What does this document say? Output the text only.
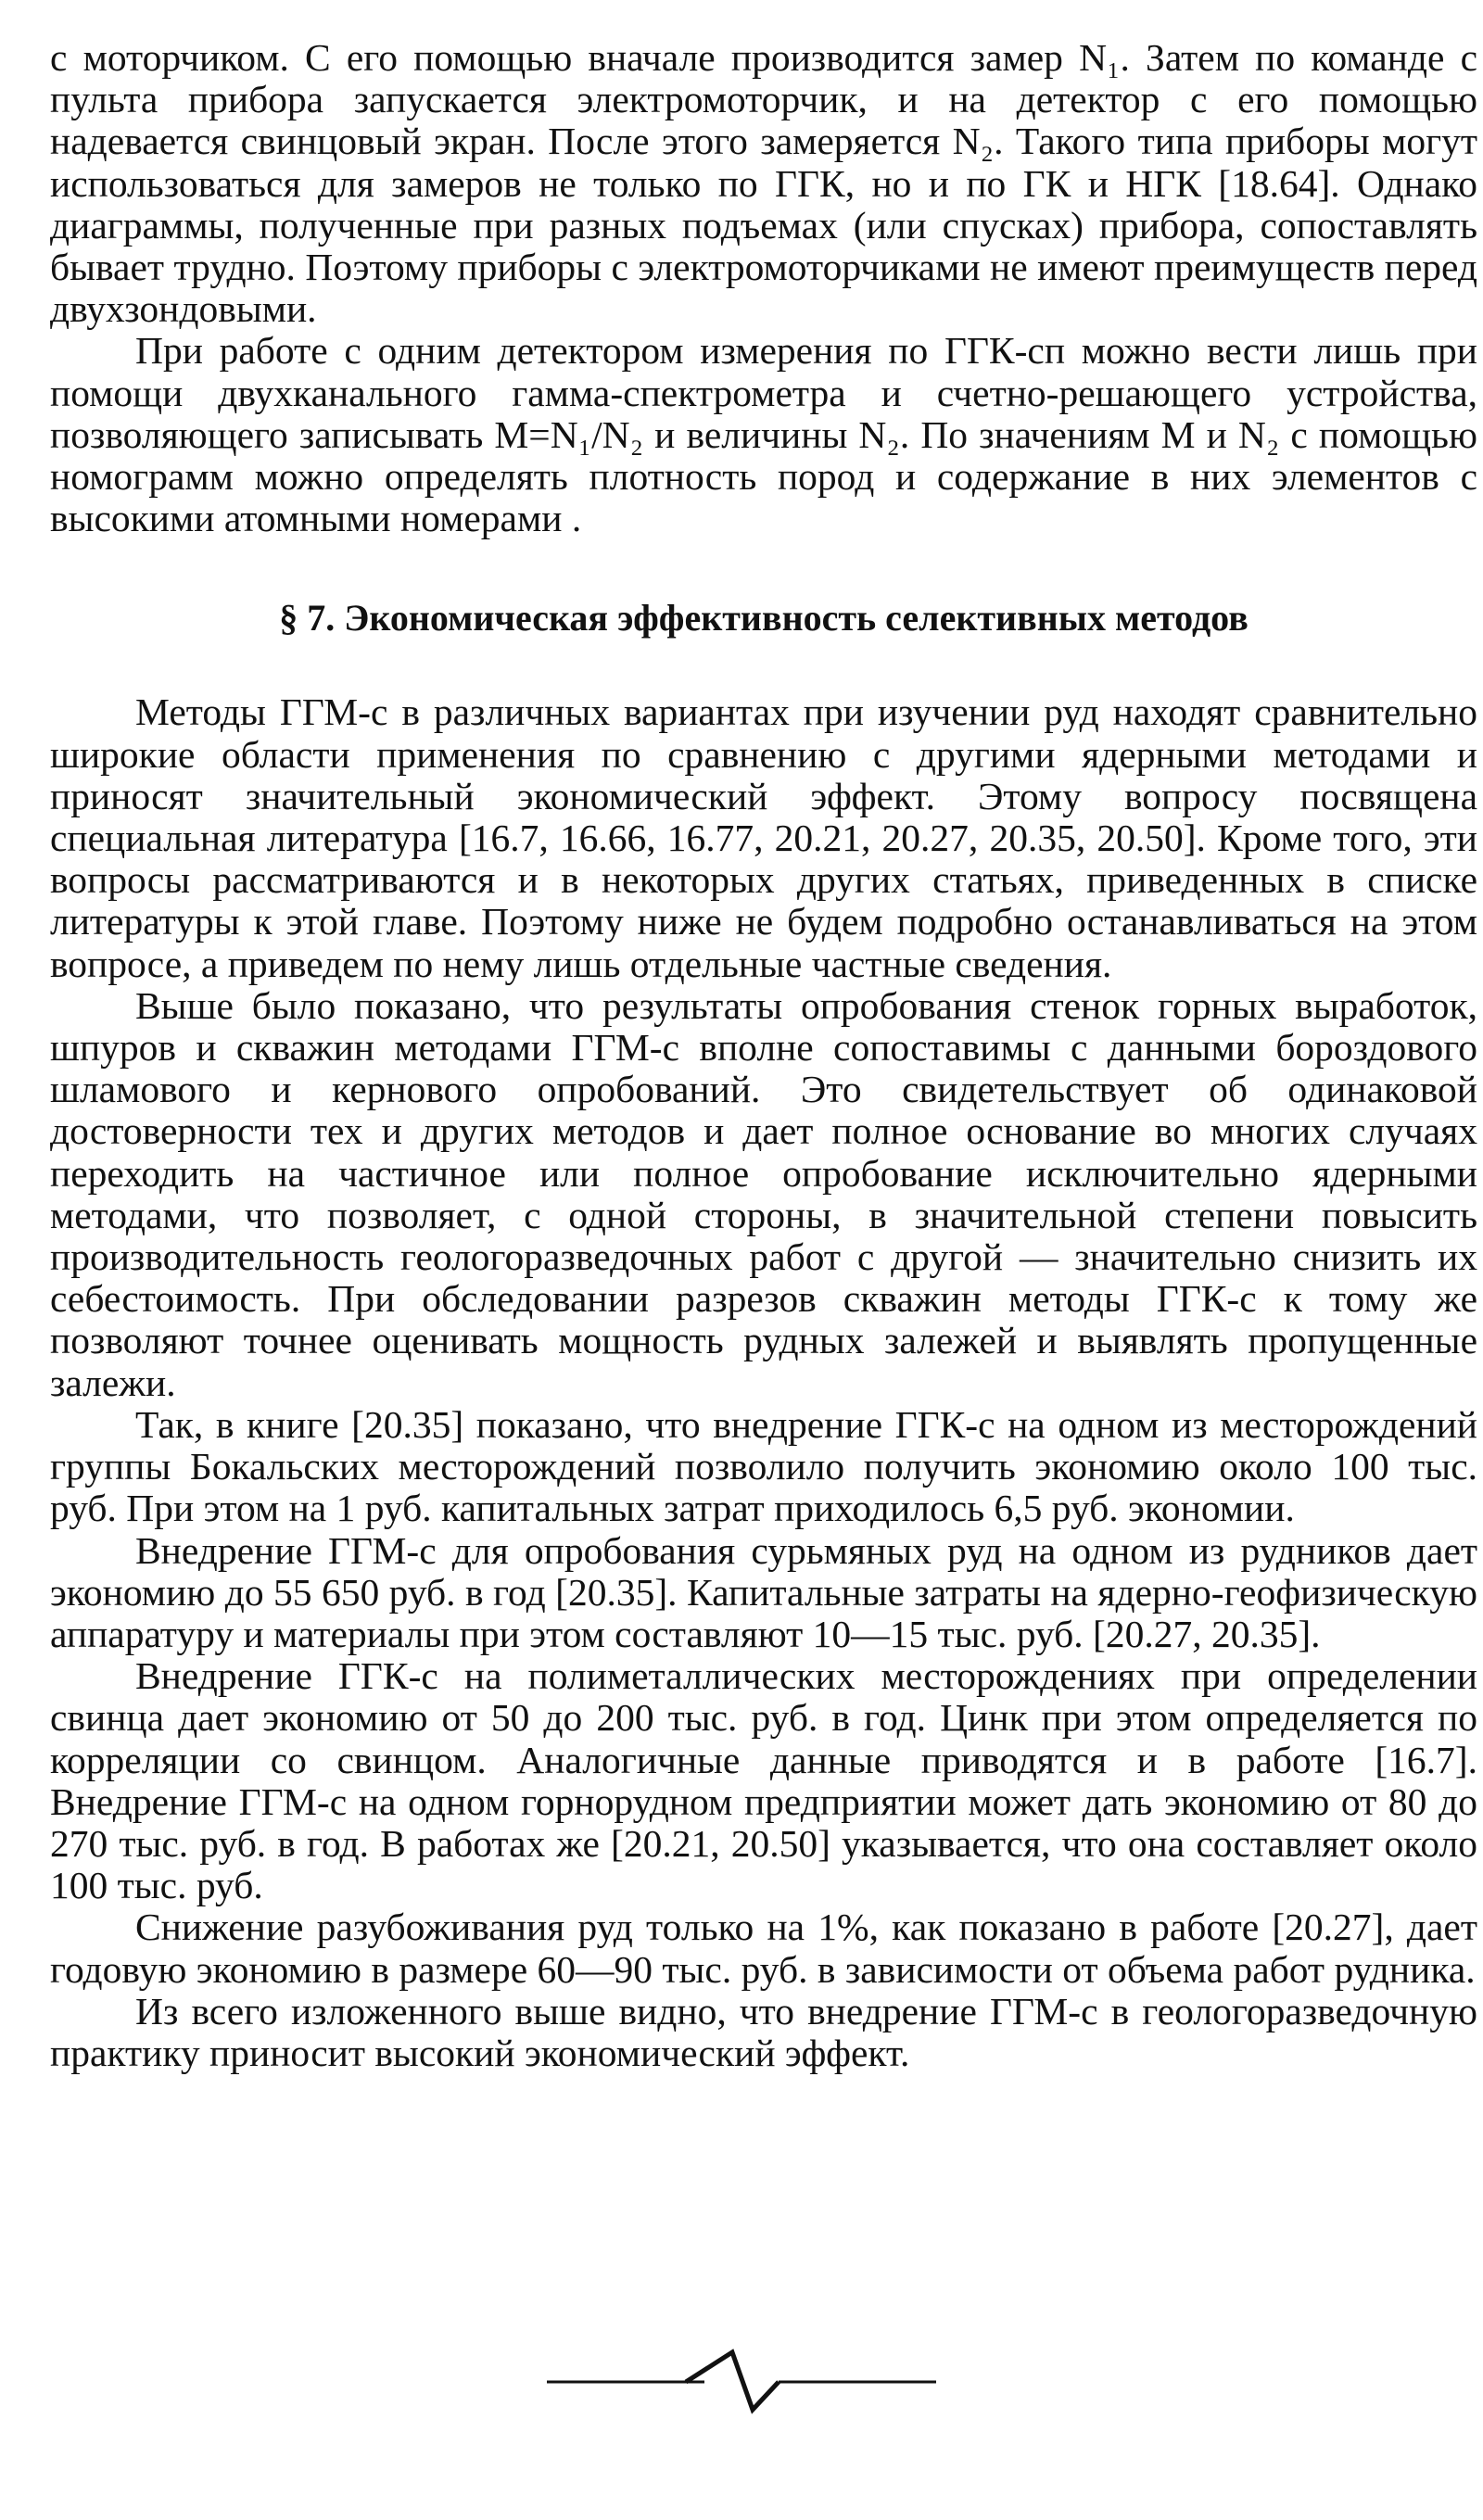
с моторчиком. С его помощью вначале производится замер N₁. Затем по команде с пульта прибора запускается электромоторчик, и на детектор с его помощью надевается свинцовый экран. После этого замеряется N₂. Такого типа приборы могут использоваться для замеров не только по ГГК, но и по ГК и НГК [18.64]. Однако диаграммы, полученные при разных подъемах (или спусках) прибора, сопоставлять бывает трудно. Поэтому приборы с электромоторчиками не имеют преимуществ перед двухзондовыми.

При работе с одним детектором измерения по ГГК-сп можно вести лишь при помощи двухканального гамма-спектрометра и счетно-решающего устройства, позволяющего записывать M=N₁/N₂ и величины N₂. По значениям M и N₂ с помощью номограмм можно определять плотность пород и содержание в них элементов с высокими атомными номерами .

§ 7. Экономическая эффективность селективных методов

Методы ГГМ-с в различных вариантах при изучении руд находят сравнительно широкие области применения по сравнению с другими ядерными методами и приносят значительный экономический эффект. Этому вопросу посвящена специальная литература [16.7, 16.66, 16.77, 20.21, 20.27, 20.35, 20.50]. Кроме того, эти вопросы рассматриваются и в некоторых других статьях, приведенных в списке литературы к этой главе. Поэтому ниже не будем подробно останавливаться на этом вопросе, а приведем по нему лишь отдельные частные сведения.

Выше было показано, что результаты опробования стенок горных выработок, шпуров и скважин методами ГГМ-с вполне сопоставимы с данными бороздового шламового и кернового опробований. Это свидетельствует об одинаковой достоверности тех и других методов и дает полное основание во многих случаях переходить на частичное или полное опробование исключительно ядерными методами, что позволяет, с одной стороны, в значительной степени повысить производительность геологоразведочных работ с другой — значительно снизить их себестоимость. При обследовании разрезов скважин методы ГГК-с к тому же позволяют точнее оценивать мощность рудных залежей и выявлять пропущенные залежи.

Так, в книге [20.35] показано, что внедрение ГГК-с на одном из месторождений группы Бокальских месторождений позволило получить экономию около 100 тыс. руб. При этом на 1 руб. капитальных затрат приходилось 6,5 руб. экономии.

Внедрение ГГМ-с для опробования сурьмяных руд на одном из рудников дает экономию до 55 650 руб. в год [20.35]. Капитальные затраты на ядерно-геофизическую аппаратуру и материалы при этом составляют 10—15 тыс. руб. [20.27, 20.35].

Внедрение ГГК-с на полиметаллических месторождениях при определении свинца дает экономию от 50 до 200 тыс. руб. в год. Цинк при этом определяется по корреляции со свинцом. Аналогичные данные приводятся и в работе [16.7]. Внедрение ГГМ-с на одном горнорудном предприятии может дать экономию от 80 до 270 тыс. руб. в год. В работах же [20.21, 20.50] указывается, что она составляет около 100 тыс. руб.

Снижение разубоживания руд только на 1%, как показано в работе [20.27], дает годовую экономию в размере 60—90 тыс. руб. в зависимости от объема работ рудника.

Из всего изложенного выше видно, что внедрение ГГМ-с в геологоразведочную практику приносит высокий экономический эффект.
